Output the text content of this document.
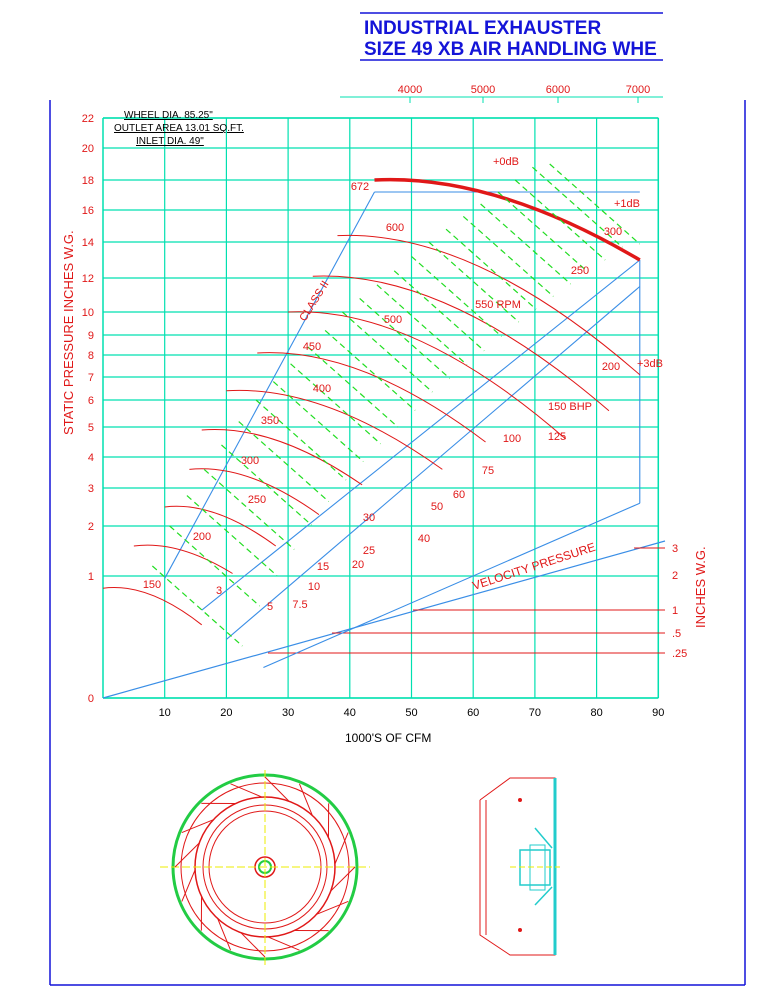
INDUSTRIAL EXHAUSTER
SIZE 49 XB AIR HANDLING WHE
10	20	30	40	50	60	70	80	90
0
1
2
3
4
5
6
7
8
9
10
12
14
16
18
20
22
4000	5000	6000	7000
3
2
1
.5
.25
150
200
250
300
350
400
450
500
550 RPM
600
672
3
5 7.5
10
15 20
25
30
40
50
60
75
100 125
150 BHP
200
250
300
+0dB
+1dB
+3dB
CLASS II
VELOCITY PRESSURE
WHEEL DIA. 85.25"
OUTLET AREA 13.01 SQ.FT.
INLET DIA. 49"
1000'S OF CFM
STATIC PRESSURE INCHES W.G.
INCHES W.G.
